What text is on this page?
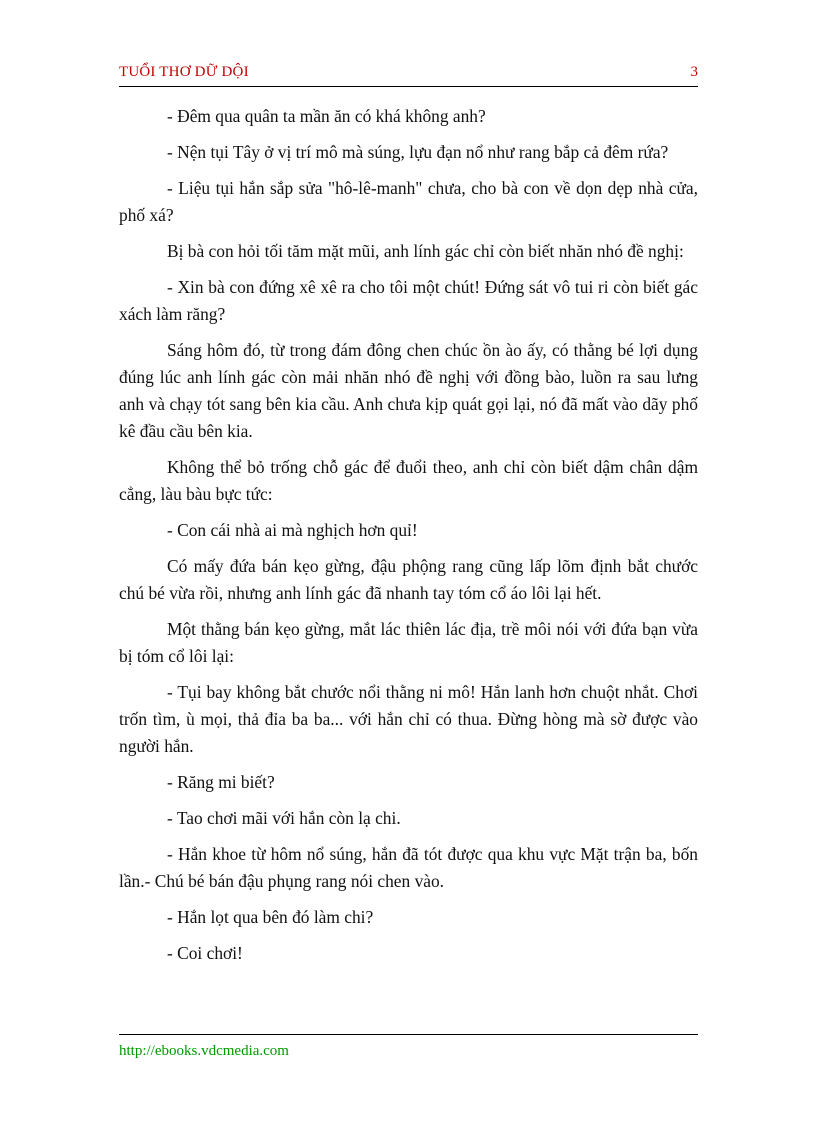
TUỔI THƠ DỮ DỘI	3

- Đêm qua quân ta mần ăn có khá không anh?

- Nện tụi Tây ở vị trí mô mà súng, lựu đạn nổ như rang bắp cả đêm rứa?

- Liệu tụi hắn sắp sửa "hô-lê-manh" chưa, cho bà con về dọn dẹp nhà cửa, phố xá?

Bị bà con hỏi tối tăm mặt mũi, anh lính gác chỉ còn biết nhăn nhó đề nghị:

- Xin bà con đứng xê xê ra cho tôi một chút! Đứng sát vô tui ri còn biết gác xách làm răng?

Sáng hôm đó, từ trong đám đông chen chúc ồn ào ấy, có thằng bé lợi dụng đúng lúc anh lính gác còn mải nhăn nhó đề nghị với đồng bào, luồn ra sau lưng anh và chạy tót sang bên kia cầu. Anh chưa kịp quát gọi lại, nó đã mất vào dãy phố kê đầu cầu bên kia.

Không thể bỏ trống chỗ gác để đuổi theo, anh chỉ còn biết dậm chân dậm cẳng, làu bàu bực tức:

- Con cái nhà ai mà nghịch hơn quỉ!

Có mấy đứa bán kẹo gừng, đậu phộng rang cũng lấp lõm định bắt chước chú bé vừa rồi, nhưng anh lính gác đã nhanh tay tóm cổ áo lôi lại hết.

Một thằng bán kẹo gừng, mắt lác thiên lác địa, trề môi nói với đứa bạn vừa bị tóm cổ lôi lại:

- Tụi bay không bắt chước nổi thằng ni mô! Hắn lanh hơn chuột nhắt. Chơi trốn tìm, ù mọi, thả đỉa ba ba... với hắn chỉ có thua. Đừng hòng mà sờ được vào người hắn.

- Răng mi biết?

- Tao chơi mãi với hắn còn lạ chi.

- Hắn khoe từ hôm nổ súng, hắn đã tót được qua khu vực Mặt trận ba, bốn lần.- Chú bé bán đậu phụng rang nói chen vào.

- Hắn lọt qua bên đó làm chi?

- Coi chơi!

http://ebooks.vdcmedia.com
